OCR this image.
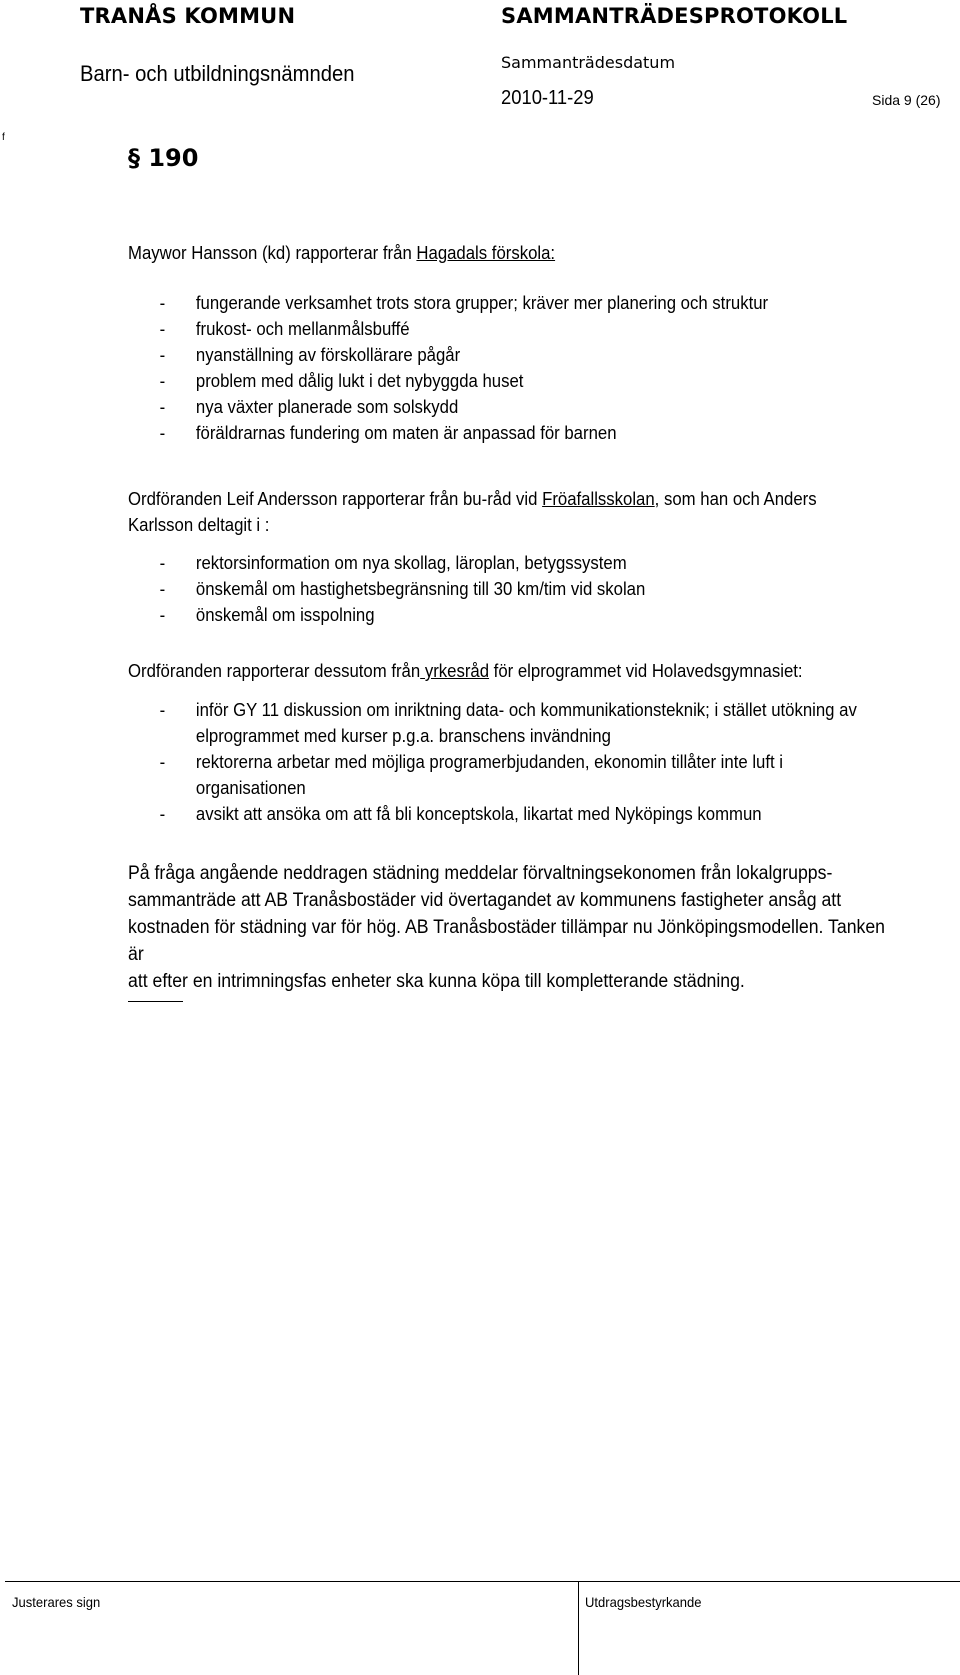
TRANÅS KOMMUN	SAMMANTRÄDESPROTOKOLL
Barn- och utbildningsnämnden	Sammanträdesdatum
2010-11-29	Sida 9 (26)
f
§ 190
Maywor Hansson (kd) rapporterar från Hagadals förskola:
- fungerande verksamhet trots stora grupper; kräver mer planering och struktur
- frukost- och mellanmålsbuffé
- nyanställning av förskollärare pågår
- problem med dålig lukt i det nybyggda huset
- nya växter planerade som solskydd
- föräldrarnas fundering om maten är anpassad för barnen
Ordföranden Leif Andersson rapporterar från bu-råd vid Fröafallsskolan, som han och Anders
Karlsson deltagit i :
- rektorsinformation om nya skollag, läroplan, betygssystem
- önskemål om hastighetsbegränsning till 30 km/tim vid skolan
- önskemål om isspolning
Ordföranden rapporterar dessutom från yrkesråd för elprogrammet vid Holavedsgymnasiet:
- inför GY 11 diskussion om inriktning data- och kommunikationsteknik; i stället utökning av
elprogrammet med kurser p.g.a. branschens invändning
- rektorerna arbetar med möjliga programerbjudanden, ekonomin tillåter inte luft i
organisationen
- avsikt att ansöka om att få bli konceptskola, likartat med Nyköpings kommun
På fråga angående neddragen städning meddelar förvaltningsekonomen från lokalgrupps-
sammanträde att AB Tranåsbostäder vid övertagandet av kommunens fastigheter ansåg att
kostnaden för städning var för hög. AB Tranåsbostäder tillämpar nu Jönköpingsmodellen. Tanken är
att efter en intrimningsfas enheter ska kunna köpa till kompletterande städning.
Justerares sign	Utdragsbestyrkande
